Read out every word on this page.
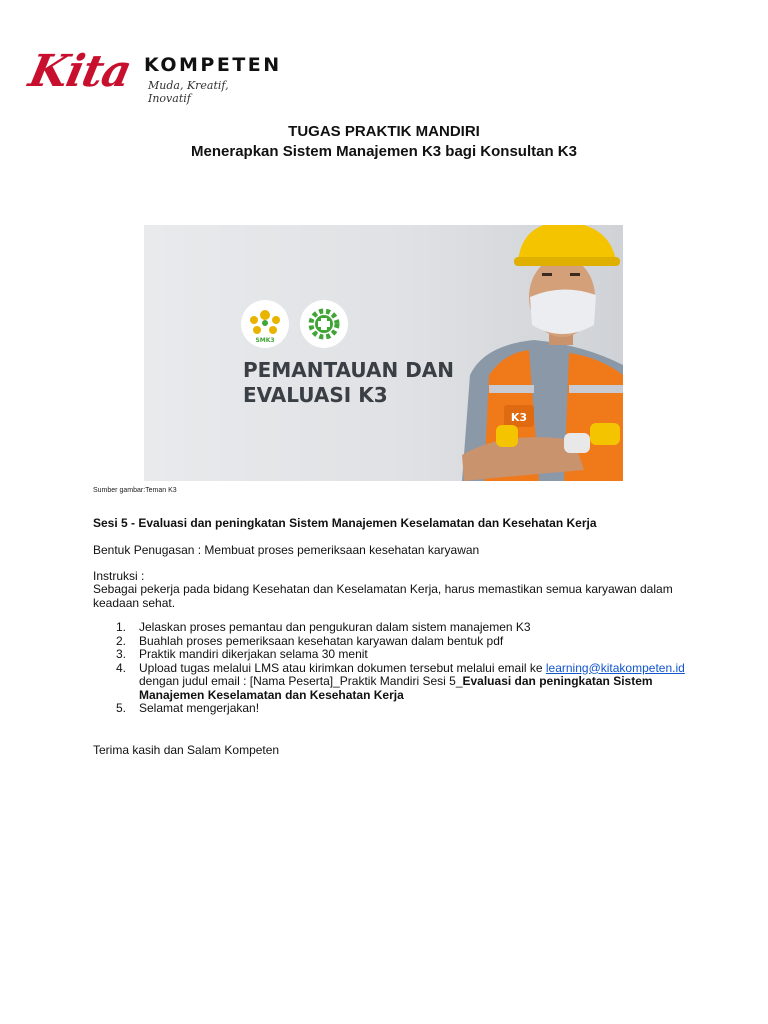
Kita KOMPETEN
Muda, Kreatif, Inovatif
TUGAS PRAKTIK MANDIRI
Menerapkan Sistem Manajemen K3 bagi Konsultan K3
SMK3
PEMANTAUAN DAN
EVALUASI K3
K3
Sumber gambar:Teman K3
Sesi 5 - Evaluasi dan peningkatan Sistem Manajemen Keselamatan dan Kesehatan Kerja
Bentuk Penugasan : Membuat proses pemeriksaan kesehatan karyawan
Instruksi :
Sebagai pekerja pada bidang Kesehatan dan Keselamatan Kerja, harus memastikan semua karyawan dalam
keadaan sehat.
1. Jelaskan proses pemantau dan pengukuran dalam sistem manajemen K3
2. Buahlah proses pemeriksaan kesehatan karyawan dalam bentuk pdf
3. Praktik mandiri dikerjakan selama 30 menit
4. Upload tugas melalui LMS atau kirimkan dokumen tersebut melalui email ke learning@kitakompeten.id
dengan judul email : [Nama Peserta]_Praktik Mandiri Sesi 5_Evaluasi dan peningkatan Sistem
Manajemen Keselamatan dan Kesehatan Kerja
5. Selamat mengerjakan!
Terima kasih dan Salam Kompeten
